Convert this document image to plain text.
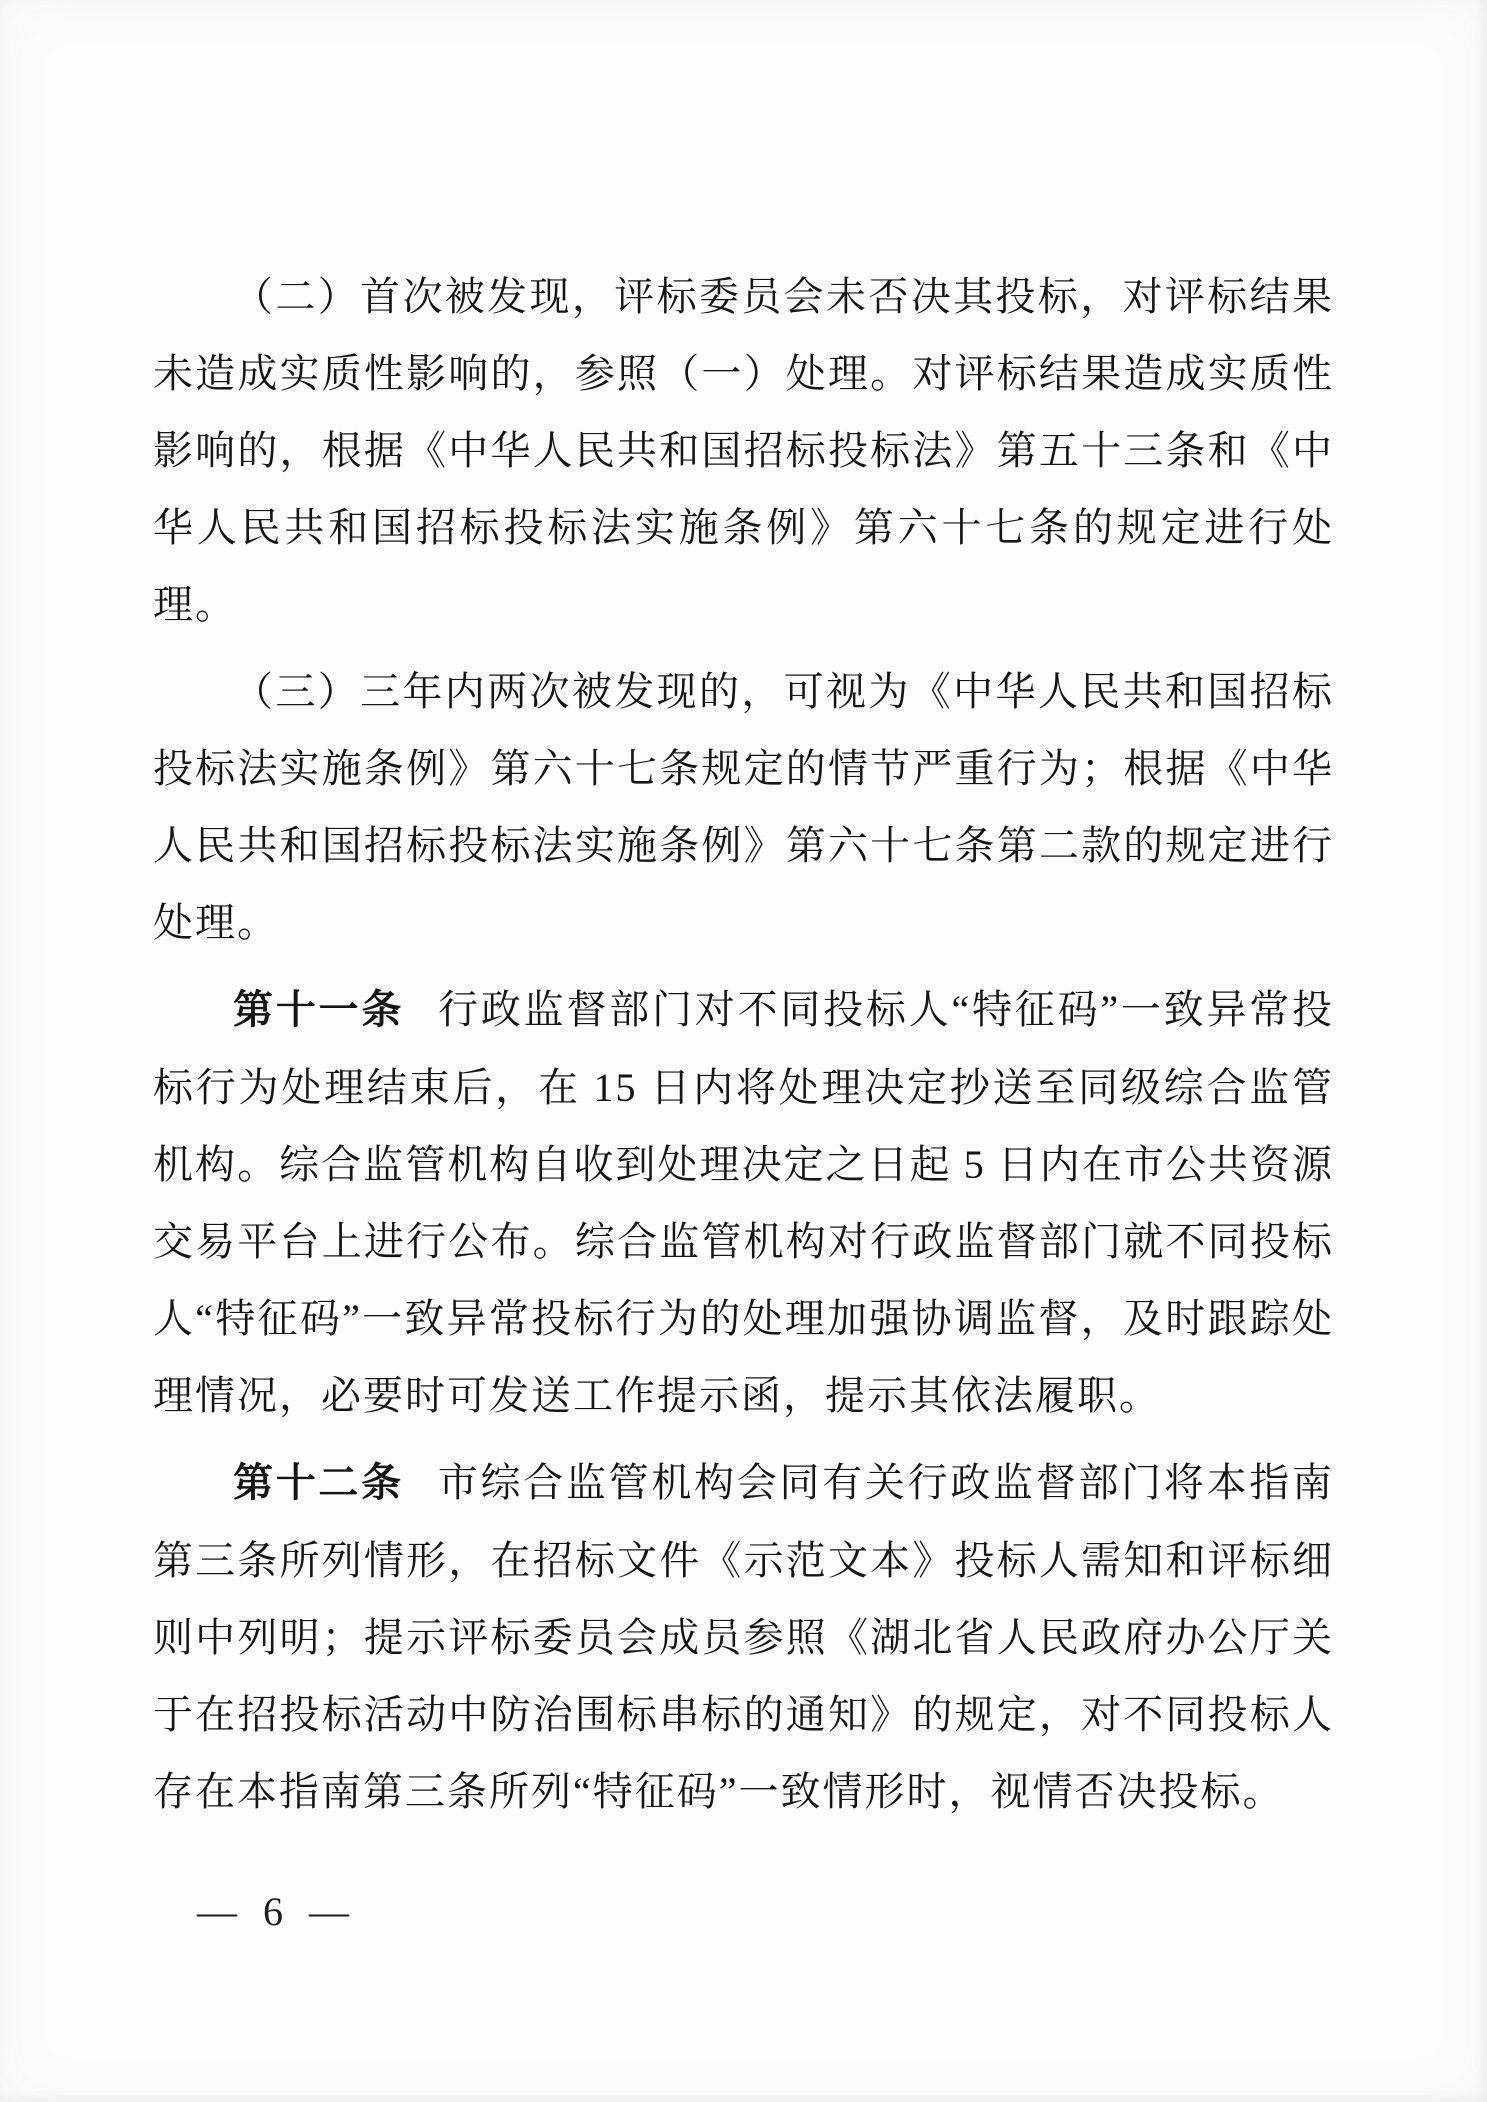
（二）首次被发现，评标委员会未否决其投标，对评标结果未造成实质性影响的，参照（一）处理。对评标结果造成实质性影响的，根据《中华人民共和国招标投标法》第五十三条和《中华人民共和国招标投标法实施条例》第六十七条的规定进行处理。

（三）三年内两次被发现的，可视为《中华人民共和国招标投标法实施条例》第六十七条规定的情节严重行为；根据《中华人民共和国招标投标法实施条例》第六十七条第二款的规定进行处理。

第十一条 行政监督部门对不同投标人“特征码”一致异常投标行为处理结束后，在 15 日内将处理决定抄送至同级综合监管机构。综合监管机构自收到处理决定之日起 5 日内在市公共资源交易平台上进行公布。综合监管机构对行政监督部门就不同投标人“特征码”一致异常投标行为的处理加强协调监督，及时跟踪处理情况，必要时可发送工作提示函，提示其依法履职。

第十二条 市综合监管机构会同有关行政监督部门将本指南第三条所列情形，在招标文件《示范文本》投标人需知和评标细则中列明；提示评标委员会成员参照《湖北省人民政府办公厅关于在招投标活动中防治围标串标的通知》的规定，对不同投标人存在本指南第三条所列“特征码”一致情形时，视情否决投标。

— 6 —
